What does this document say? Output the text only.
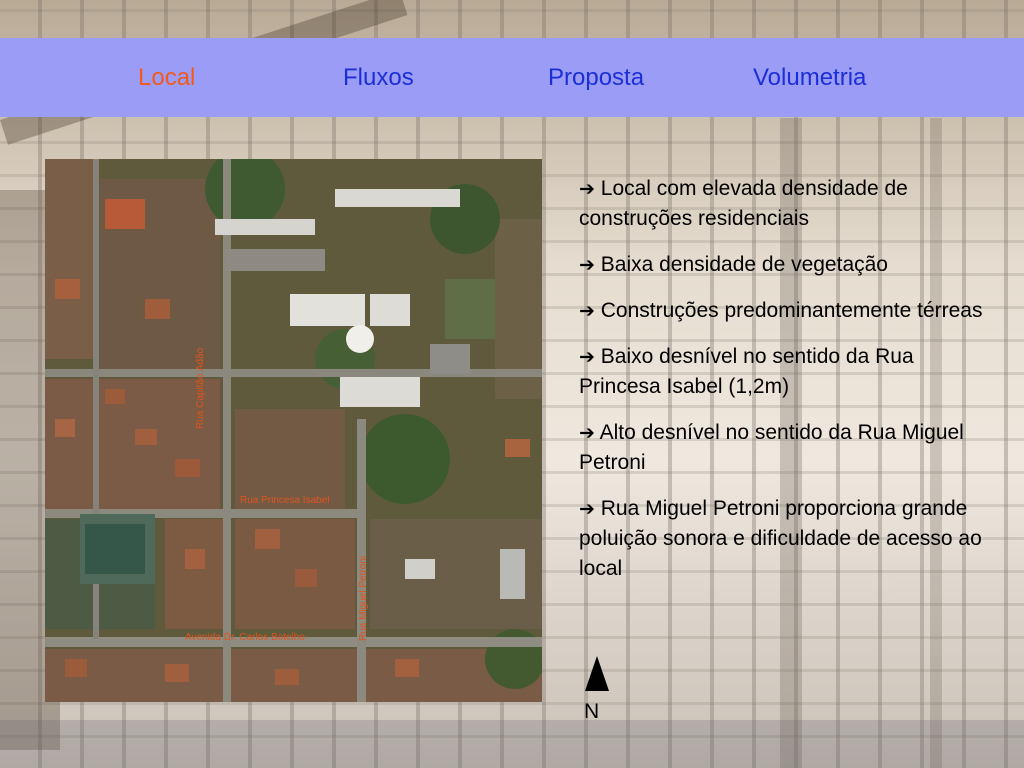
Local	Fluxos	Proposta	Volumetria
Rua Capitão Adão
Rua Princesa Isabel
Rua Miguel Petroni
Avenida Dr. Carlos Botelho
➔ Local com elevada densidade de construções residenciais
➔ Baixa densidade de vegetação
➔ Construções predominantemente térreas
➔ Baixo desnível no sentido da Rua Princesa Isabel (1,2m)
➔ Alto desnível no sentido da Rua Miguel Petroni
➔ Rua Miguel Petroni proporciona grande poluição sonora e dificuldade de acesso ao local
N
